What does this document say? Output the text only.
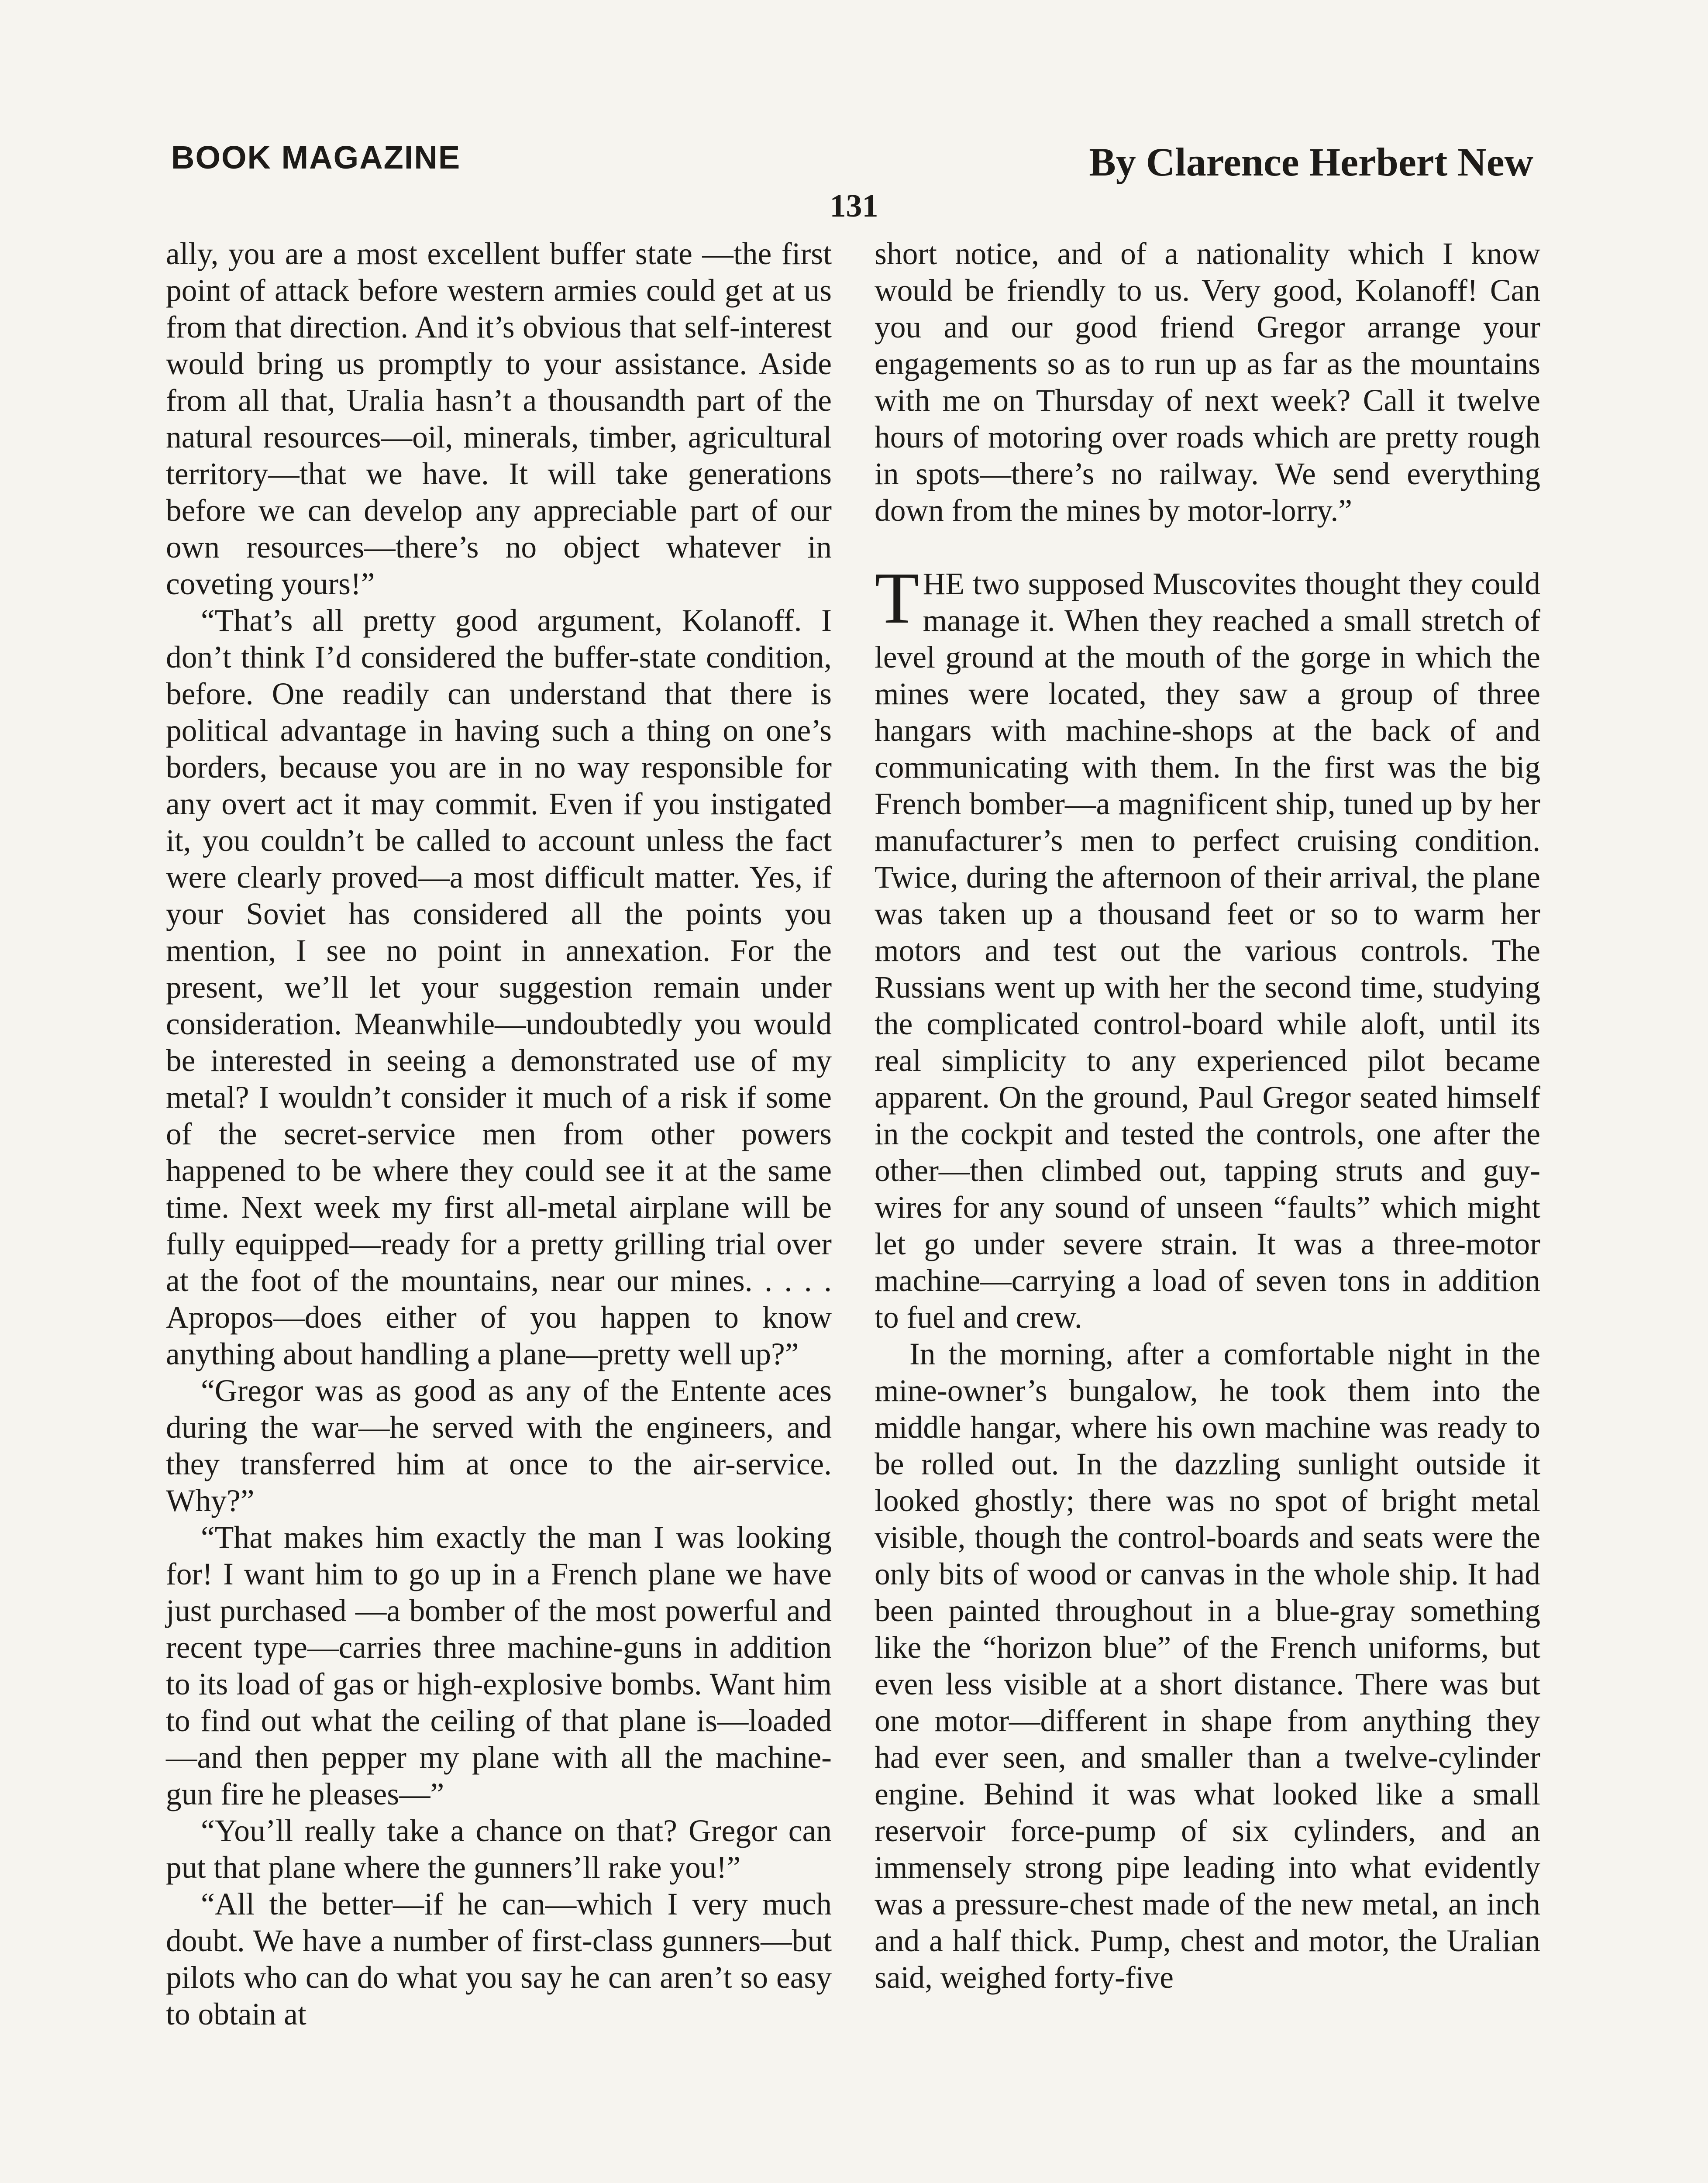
BOOK MAGAZINE	By Clarence Herbert New
131

ally, you are a most excellent buffer state —the first point of attack before western armies could get at us from that direction. And it’s obvious that self-interest would bring us promptly to your assistance. Aside from all that, Uralia hasn’t a thousandth part of the natural resources—oil, minerals, timber, agricultural territory—that we have. It will take generations before we can develop any appreciable part of our own resources—there’s no object whatever in coveting yours!”

“That’s all pretty good argument, Kolanoff. I don’t think I’d considered the buffer-state condition, before. One readily can understand that there is political advantage in having such a thing on one’s borders, because you are in no way responsible for any overt act it may commit. Even if you instigated it, you couldn’t be called to account unless the fact were clearly proved—a most difficult matter. Yes, if your Soviet has considered all the points you mention, I see no point in annexation. For the present, we’ll let your suggestion remain under consideration. Meanwhile—undoubtedly you would be interested in seeing a demonstrated use of my metal? I wouldn’t consider it much of a risk if some of the secret-service men from other powers happened to be where they could see it at the same time. Next week my first all-metal airplane will be fully equipped—ready for a pretty grilling trial over at the foot of the mountains, near our mines. . . . . Apropos—does either of you happen to know anything about handling a plane—pretty well up?”

“Gregor was as good as any of the Entente aces during the war—he served with the engineers, and they transferred him at once to the air-service. Why?”

“That makes him exactly the man I was looking for! I want him to go up in a French plane we have just purchased —a bomber of the most powerful and recent type—carries three machine-guns in addition to its load of gas or high-explosive bombs. Want him to find out what the ceiling of that plane is—loaded—and then pepper my plane with all the machine-gun fire he pleases—”

“You’ll really take a chance on that? Gregor can put that plane where the gunners’ll rake you!”

“All the better—if he can—which I very much doubt. We have a number of first-class gunners—but pilots who can do what you say he can aren’t so easy to obtain at

short notice, and of a nationality which I know would be friendly to us. Very good, Kolanoff! Can you and our good friend Gregor arrange your engagements so as to run up as far as the mountains with me on Thursday of next week? Call it twelve hours of motoring over roads which are pretty rough in spots—there’s no railway. We send everything down from the mines by motor-lorry.”

THE two supposed Muscovites thought they could manage it. When they reached a small stretch of level ground at the mouth of the gorge in which the mines were located, they saw a group of three hangars with machine-shops at the back of and communicating with them. In the first was the big French bomber—a magnificent ship, tuned up by her manufacturer’s men to perfect cruising condition. Twice, during the afternoon of their arrival, the plane was taken up a thousand feet or so to warm her motors and test out the various controls. The Russians went up with her the second time, studying the complicated control-board while aloft, until its real simplicity to any experienced pilot became apparent. On the ground, Paul Gregor seated himself in the cockpit and tested the controls, one after the other—then climbed out, tapping struts and guy-wires for any sound of unseen “faults” which might let go under severe strain. It was a three-motor machine—carrying a load of seven tons in addition to fuel and crew.

In the morning, after a comfortable night in the mine-owner’s bungalow, he took them into the middle hangar, where his own machine was ready to be rolled out. In the dazzling sunlight outside it looked ghostly; there was no spot of bright metal visible, though the control-boards and seats were the only bits of wood or canvas in the whole ship. It had been painted throughout in a blue-gray something like the “horizon blue” of the French uniforms, but even less visible at a short distance. There was but one motor—different in shape from anything they had ever seen, and smaller than a twelve-cylinder engine. Behind it was what looked like a small reservoir force-pump of six cylinders, and an immensely strong pipe leading into what evidently was a pressure-chest made of the new metal, an inch and a half thick. Pump, chest and motor, the Uralian said, weighed forty-five
